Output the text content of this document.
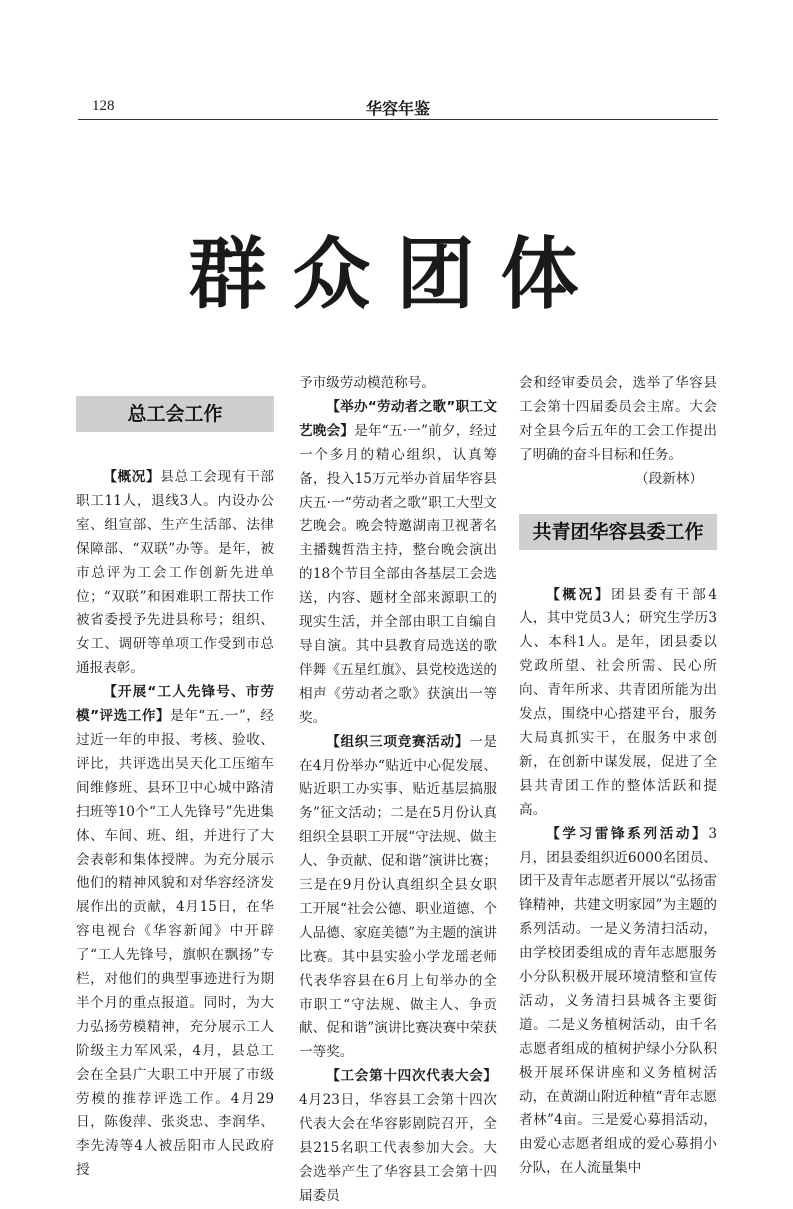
128	华容年鉴
群众团体
总工会工作

【概况】县总工会现有干部职工11人，退线3人。内设办公室、组宣部、生产生活部、法律保障部、“双联”办等。是年，被市总评为工会工作创新先进单位；“双联”和困难职工帮扶工作被省委授予先进县称号；组织、女工、调研等单项工作受到市总通报表彰。

【开展“工人先锋号、市劳模”评选工作】是年“五.一”，经过近一年的申报、考核、验收、评比，共评选出吴天化工压缩车间维修班、县环卫中心城中路清扫班等10个“工人先锋号”先进集体、车间、班、组，并进行了大会表彰和集体授牌。为充分展示他们的精神风貌和对华容经济发展作出的贡献，4月15日，在华容电视台《华容新闻》中开辟了“工人先锋号，旗帜在飘扬”专栏，对他们的典型事迹进行为期半个月的重点报道。同时，为大力弘扬劳模精神，充分展示工人阶级主力军风采，4月，县总工会在全县广大职工中开展了市级劳模的推荐评选工作。4月29日，陈俊萍、张炎忠、李润华、李先涛等4人被岳阳市人民政府授

予市级劳动模范称号。

【举办“劳动者之歌”职工文艺晚会】是年“五·一”前夕，经过一个多月的精心组织，认真筹备，投入15万元举办首届华容县庆五·一“劳动者之歌”职工大型文艺晚会。晚会特邀湖南卫视著名主播魏哲浩主持，整台晚会演出的18个节目全部由各基层工会选送，内容、题材全部来源职工的现实生活，并全部由职工自编自导自演。其中县教育局选送的歌伴舞《五星红旗》、县党校选送的相声《劳动者之歌》获演出一等奖。

【组织三项竞赛活动】一是在4月份举办“贴近中心促发展、贴近职工办实事、贴近基层搞服务”征文活动；二是在5月份认真组织全县职工开展“守法规、做主人、争贡献、促和谐”演讲比赛；三是在9月份认真组织全县女职工开展“社会公德、职业道德、个人品德、家庭美德”为主题的演讲比赛。其中县实验小学龙瑶老师代表华容县在6月上旬举办的全市职工“守法规、做主人、争贡献、促和谐”演讲比赛决赛中荣获一等奖。

【工会第十四次代表大会】4月23日，华容县工会第十四次代表大会在华容影剧院召开，全县215名职工代表参加大会。大会选举产生了华容县工会第十四届委员

会和经审委员会，选举了华容县工会第十四届委员会主席。大会对全县今后五年的工会工作提出了明确的奋斗目标和任务。

（段新林）
共青团华容县委工作

【概况】团县委有干部4人，其中党员3人；研究生学历3人、本科1人。是年，团县委以党政所望、社会所需、民心所向、青年所求、共青团所能为出发点，围绕中心搭建平台，服务大局真抓实干，在服务中求创新，在创新中谋发展，促进了全县共青团工作的整体活跃和提高。

【学习雷锋系列活动】3月，团县委组织近6000名团员、团干及青年志愿者开展以“弘扬雷锋精神，共建文明家园”为主题的系列活动。一是义务清扫活动，由学校团委组成的青年志愿服务小分队积极开展环境清整和宣传活动，义务清扫县城各主要街道。二是义务植树活动，由千名志愿者组成的植树护绿小分队积极开展环保讲座和义务植树活动，在黄湖山附近种植“青年志愿者林”4亩。三是爱心募捐活动，由爱心志愿者组成的爱心募捐小分队，在人流量集中
